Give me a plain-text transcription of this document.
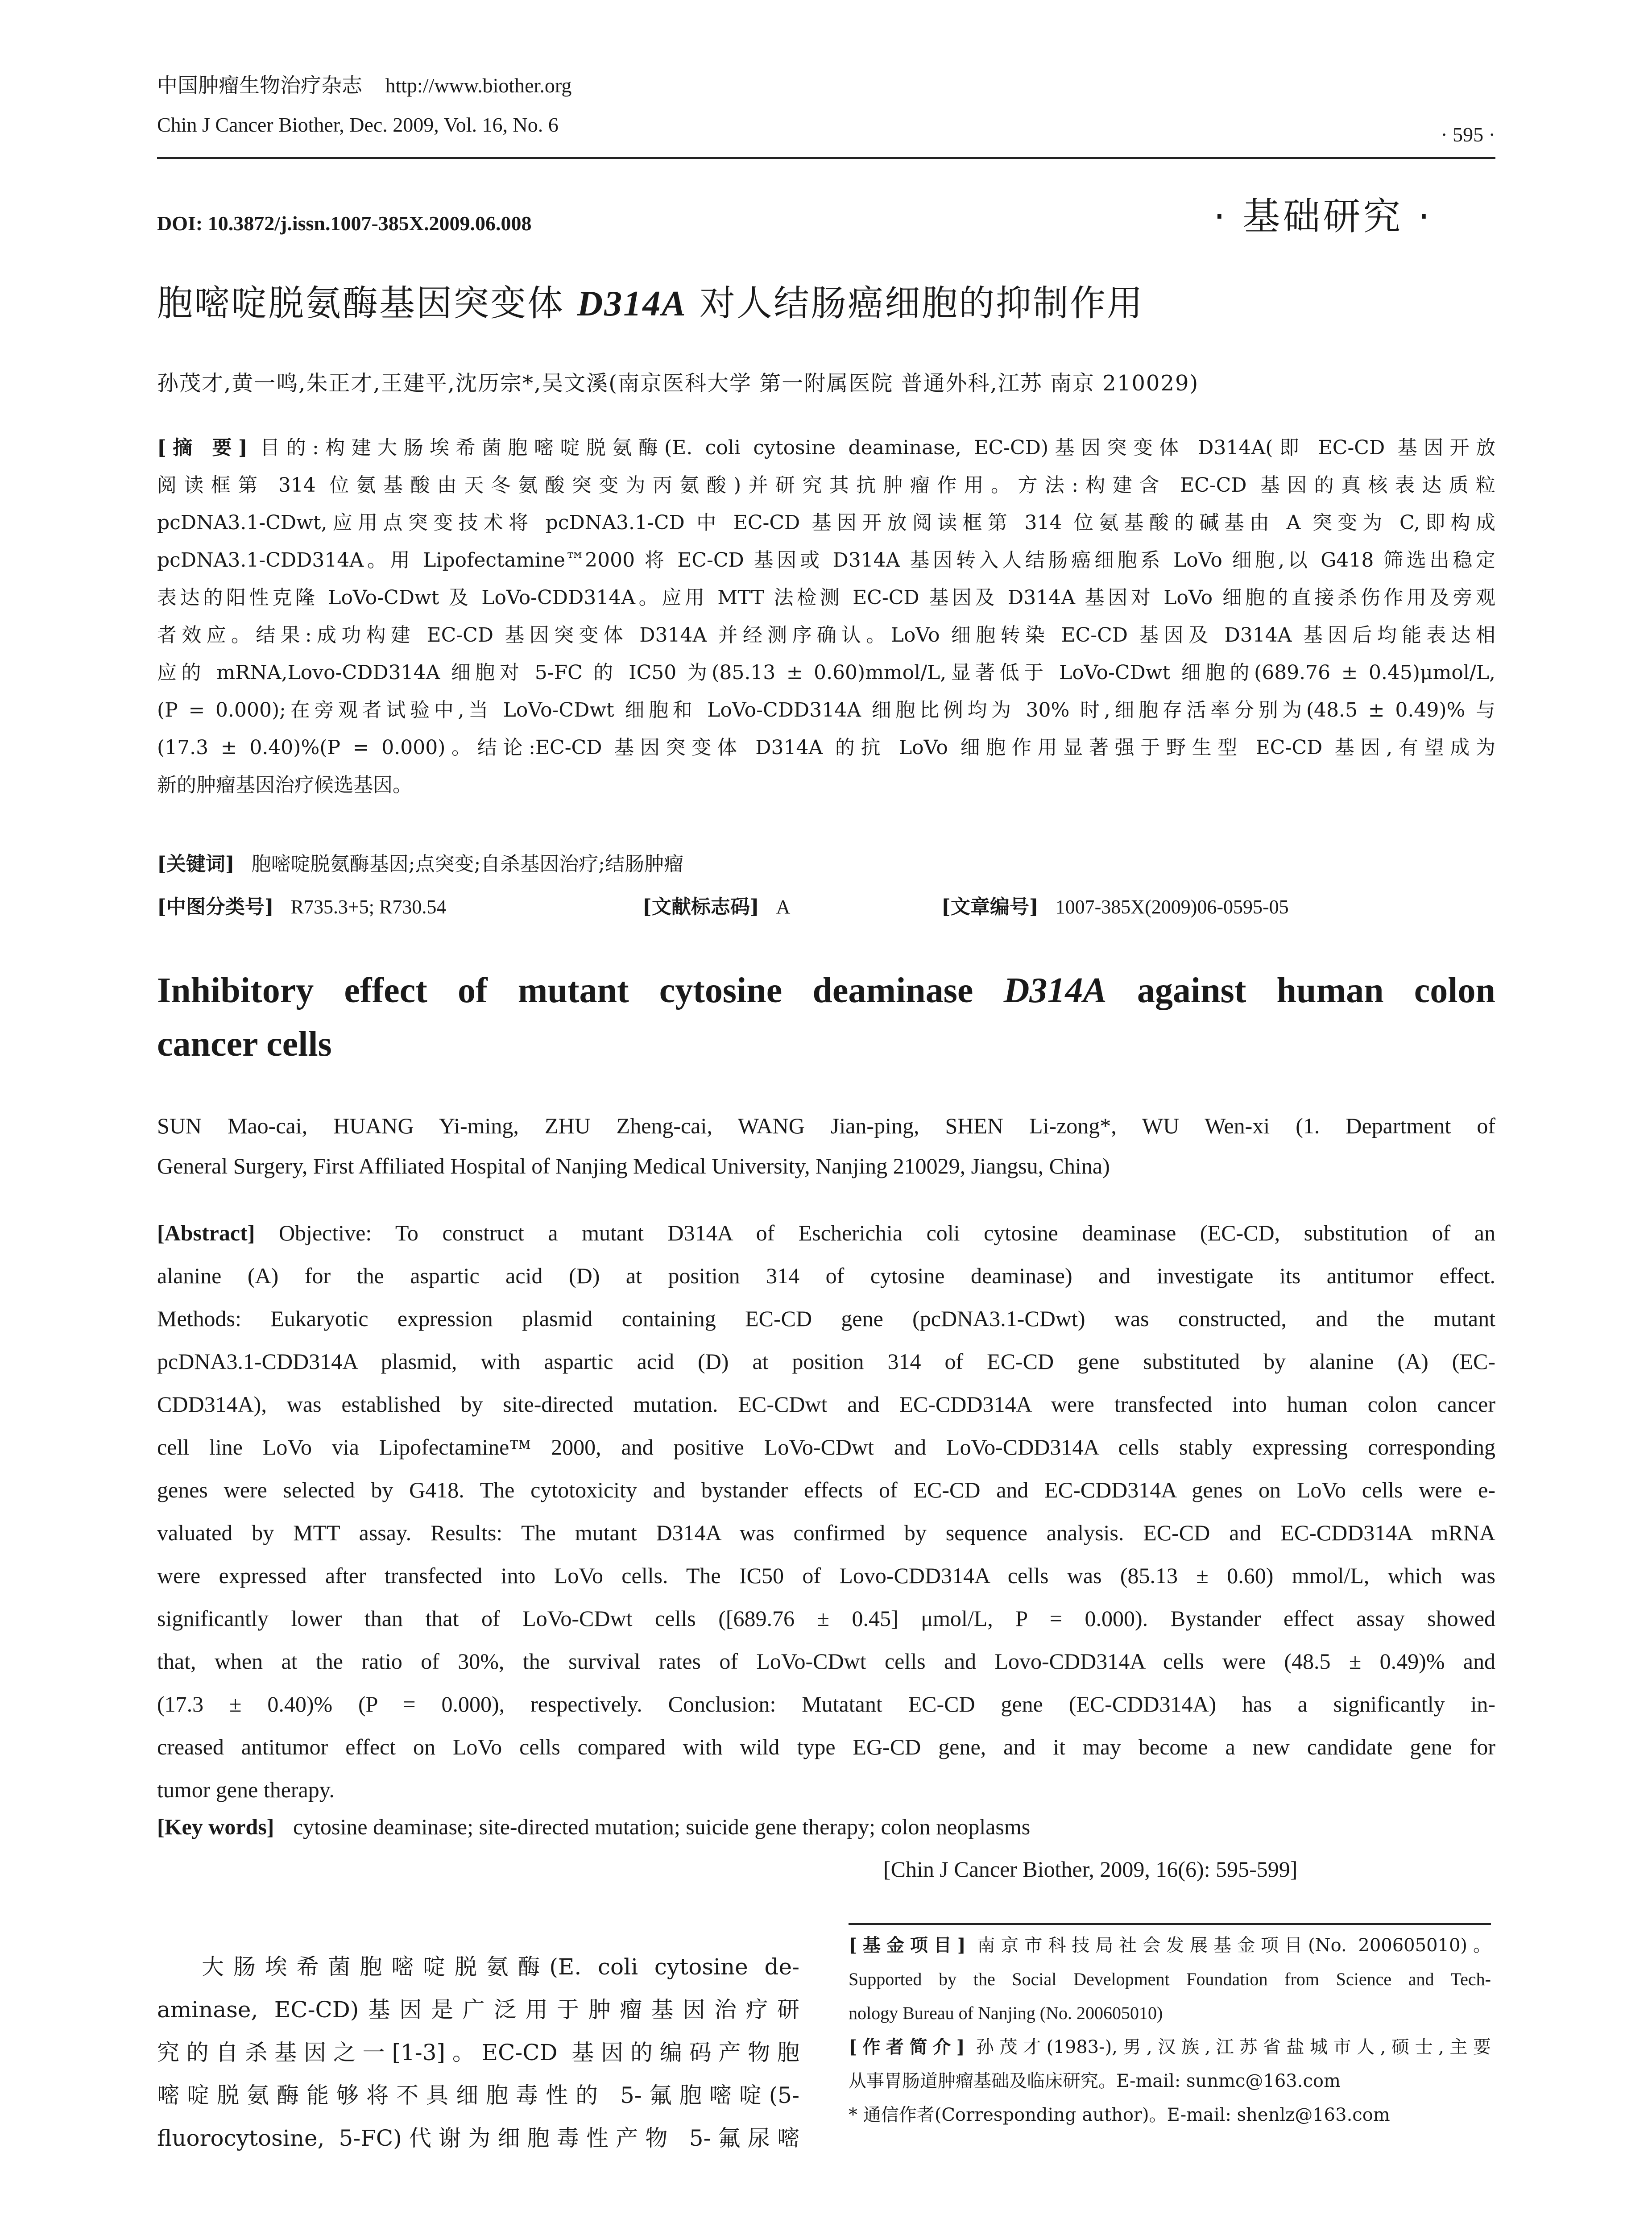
中国肿瘤生物治疗杂志 http://www.biother.org
Chin J Cancer Biother, Dec. 2009, Vol. 16, No. 6	· 595 ·
DOI: 10.3872/j.issn.1007-385X.2009.06.008	· 基础研究 ·
胞嘧啶脱氨酶基因突变体 D314A 对人结肠癌细胞的抑制作用
孙茂才,黄一鸣,朱正才,王建平,沈历宗*,吴文溪(南京医科大学 第一附属医院 普通外科,江苏 南京 210029)
[摘 要] 目的:构建大肠埃希菌胞嘧啶脱氨酶(E. coli cytosine deaminase, EC-CD)基因突变体 D314A(即 EC-CD 基因开放
阅读框第 314 位氨基酸由天冬氨酸突变为丙氨酸)并研究其抗肿瘤作用。方法:构建含 EC-CD 基因的真核表达质粒
pcDNA3.1-CDwt,应用点突变技术将 pcDNA3.1-CD 中 EC-CD 基因开放阅读框第 314 位氨基酸的碱基由 A 突变为 C,即构成
pcDNA3.1-CDD314A。用 Lipofectamine™2000 将 EC-CD 基因或 D314A 基因转入人结肠癌细胞系 LoVo 细胞,以 G418 筛选出稳定
表达的阳性克隆 LoVo-CDwt 及 LoVo-CDD314A。应用 MTT 法检测 EC-CD 基因及 D314A 基因对 LoVo 细胞的直接杀伤作用及旁观
者效应。结果:成功构建 EC-CD 基因突变体 D314A 并经测序确认。LoVo 细胞转染 EC-CD 基因及 D314A 基因后均能表达相
应的 mRNA,Lovo-CDD314A 细胞对 5-FC 的 IC50 为(85.13 ± 0.60)mmol/L,显著低于 LoVo-CDwt 细胞的(689.76 ± 0.45)μmol/L,
(P = 0.000);在旁观者试验中,当 LoVo-CDwt 细胞和 LoVo-CDD314A 细胞比例均为 30% 时,细胞存活率分别为(48.5 ± 0.49)% 与
(17.3 ± 0.40)%(P = 0.000)。结论:EC-CD 基因突变体 D314A 的抗 LoVo 细胞作用显著强于野生型 EC-CD 基因,有望成为
新的肿瘤基因治疗候选基因。
[关键词] 胞嘧啶脱氨酶基因;点突变;自杀基因治疗;结肠肿瘤
[中图分类号] R735.3+5; R730.54	[文献标志码] A	[文章编号] 1007-385X(2009)06-0595-05
Inhibitory effect of mutant cytosine deaminase D314A against human colon
cancer cells
SUN Mao-cai, HUANG Yi-ming, ZHU Zheng-cai, WANG Jian-ping, SHEN Li-zong*, WU Wen-xi (1. Department of
General Surgery, First Affiliated Hospital of Nanjing Medical University, Nanjing 210029, Jiangsu, China)
[Abstract] Objective: To construct a mutant D314A of Escherichia coli cytosine deaminase (EC-CD, substitution of an
alanine (A) for the aspartic acid (D) at position 314 of cytosine deaminase) and investigate its antitumor effect.
Methods: Eukaryotic expression plasmid containing EC-CD gene (pcDNA3.1-CDwt) was constructed, and the mutant
pcDNA3.1-CDD314A plasmid, with aspartic acid (D) at position 314 of EC-CD gene substituted by alanine (A) (EC-
CDD314A), was established by site-directed mutation. EC-CDwt and EC-CDD314A were transfected into human colon cancer
cell line LoVo via Lipofectamine™ 2000, and positive LoVo-CDwt and LoVo-CDD314A cells stably expressing corresponding
genes were selected by G418. The cytotoxicity and bystander effects of EC-CD and EC-CDD314A genes on LoVo cells were e-
valuated by MTT assay. Results: The mutant D314A was confirmed by sequence analysis. EC-CD and EC-CDD314A mRNA
were expressed after transfected into LoVo cells. The IC50 of Lovo-CDD314A cells was (85.13 ± 0.60) mmol/L, which was
significantly lower than that of LoVo-CDwt cells ([689.76 ± 0.45] μmol/L, P = 0.000). Bystander effect assay showed
that, when at the ratio of 30%, the survival rates of LoVo-CDwt cells and Lovo-CDD314A cells were (48.5 ± 0.49)% and
(17.3 ± 0.40)% (P = 0.000), respectively. Conclusion: Mutatant EC-CD gene (EC-CDD314A) has a significantly in-
creased antitumor effect on LoVo cells compared with wild type EG-CD gene, and it may become a new candidate gene for
tumor gene therapy.
[Key words] cytosine deaminase; site-directed mutation; suicide gene therapy; colon neoplasms
[Chin J Cancer Biother, 2009, 16(6): 595-599]
大肠埃希菌胞嘧啶脱氨酶(E. coli cytosine de-
aminase, EC-CD)基因是广泛用于肿瘤基因治疗研
究的自杀基因之一[1-3]。EC-CD 基因的编码产物胞
嘧啶脱氨酶能够将不具细胞毒性的 5-氟胞嘧啶(5-
fluorocytosine, 5-FC)代谢为细胞毒性产物 5-氟尿嘧
[基金项目] 南京市科技局社会发展基金项目(No. 200605010)。
Supported by the Social Development Foundation from Science and Tech-
nology Bureau of Nanjing (No. 200605010)
[作者简介] 孙茂才(1983-),男,汉族,江苏省盐城市人,硕士,主要
从事胃肠道肿瘤基础及临床研究。E-mail: sunmc@163.com
* 通信作者(Corresponding author)。E-mail: shenlz@163.com
